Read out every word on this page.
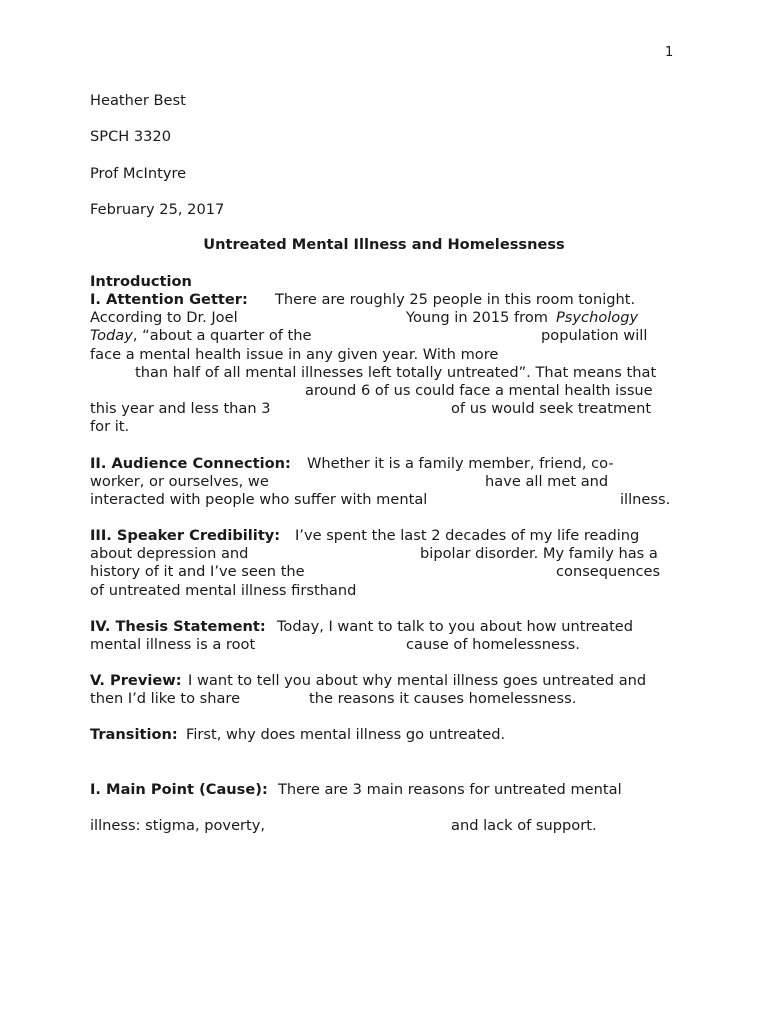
1
Heather Best
SPCH 3320
Prof McIntyre
February 25, 2017
Untreated Mental Illness and Homelessness
Introduction

I. Attention Getter:

There are roughly 25 people in this room tonight.

According to Dr. Joel

	Young in 2015 from

Psychology

Today, “about a quarter of the

	population will

face a mental health issue in any given year. With more

than half of all mental illnesses left totally untreated”. That means that

around 6 of us could face a mental health issue

this year and less than 3

	of us would seek treatment

for it.

II. Audience Connection:

Whether it is a family member, friend, co-

worker, or ourselves, we

	have all met and

interacted with people who suffer with mental

	illness.

III. Speaker Credibility:

I’ve spent the last 2 decades of my life reading

about depression and

	bipolar disorder. My family has a

history of it and I’ve seen the

	consequences

of untreated mental illness firsthand

IV. Thesis Statement:

Today, I want to talk to you about how untreated

mental illness is a root

	cause of homelessness.

V. Preview:

I want to tell you about why mental illness goes untreated and

then I’d like to share

	the reasons it causes homelessness.

Transition:

First, why does mental illness go untreated.

I. Main Point (Cause):

There are 3 main reasons for untreated mental

illness: stigma, poverty,

	and lack of support.
